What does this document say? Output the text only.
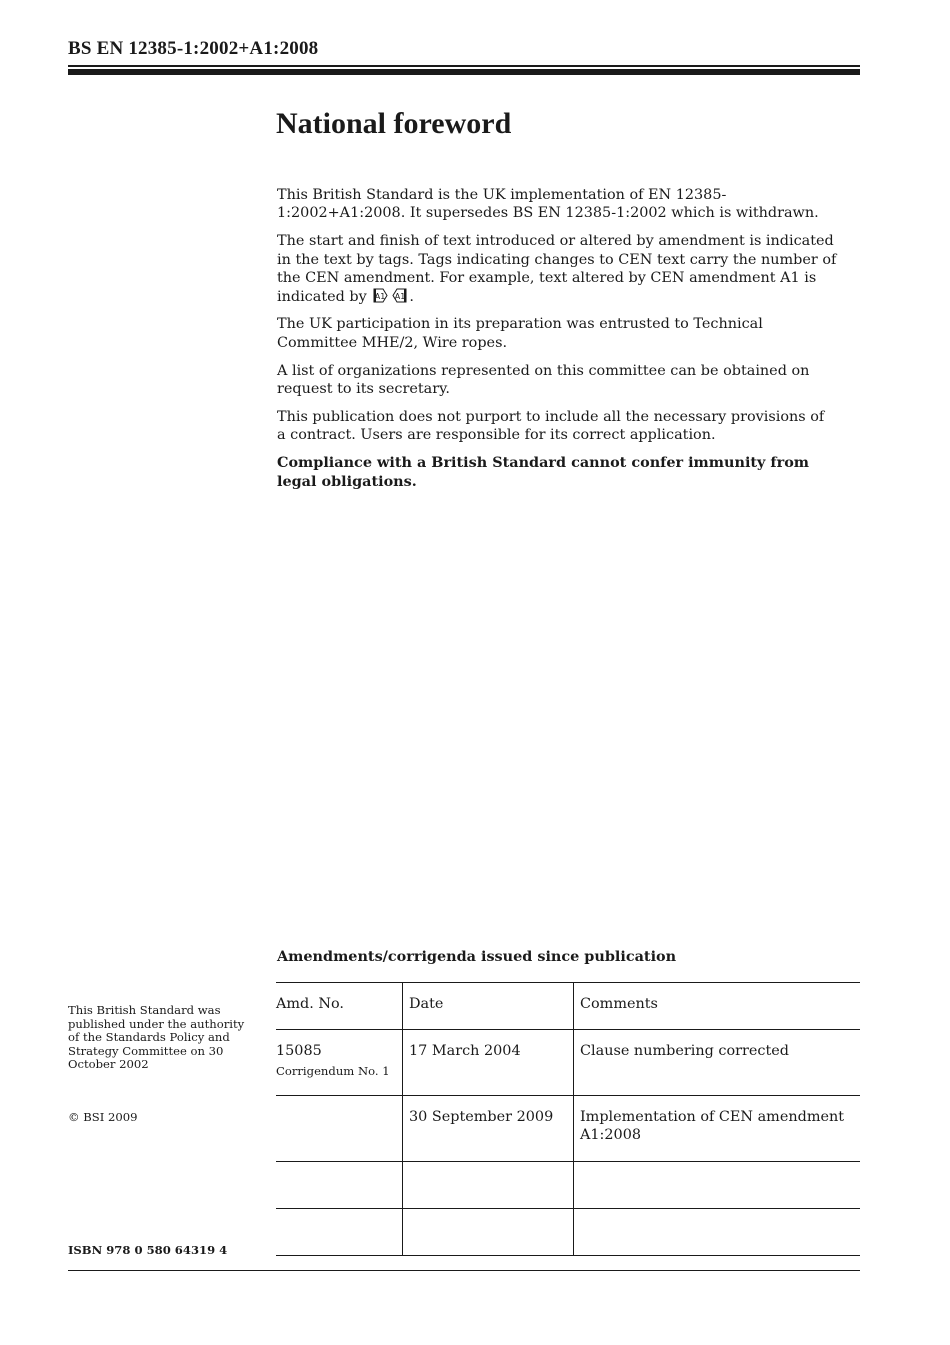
BS EN 12385-1:2002+A1:2008
National foreword

This British Standard is the UK implementation of EN 12385-1:2002+A1:2008. It supersedes BS EN 12385-1:2002 which is withdrawn.

The start and finish of text introduced or altered by amendment is indicated in the text by tags. Tags indicating changes to CEN text carry the number of the CEN amendment. For example, text altered by CEN amendment A1 is indicated by A1 A1 .

The UK participation in its preparation was entrusted to Technical Committee MHE/2, Wire ropes.

A list of organizations represented on this committee can be obtained on request to its secretary.

This publication does not purport to include all the necessary provisions of a contract. Users are responsible for its correct application.

Compliance with a British Standard cannot confer immunity from legal obligations.

Amendments/corrigenda issued since publication
This British Standard was published under the authority of the Standards Policy and Strategy Committee on 30 October 2002
© BSI 2009
ISBN 978 0 580 64319 4
Amd. No.	Date	Comments
15085
Corrigendum No. 1	17 March 2004	Clause numbering corrected
	30 September 2009	Implementation of CEN amendment A1:2008
